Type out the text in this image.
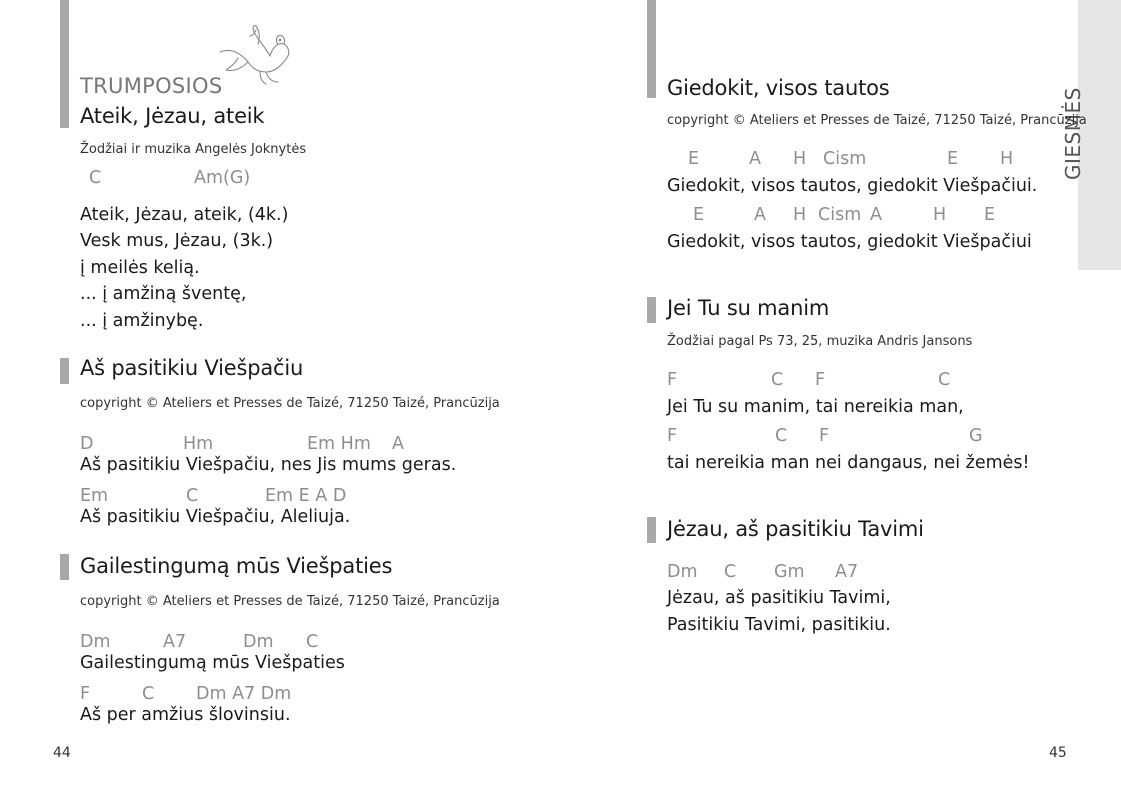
TRUMPOSIOS
Ateik, Jėzau, ateik
Žodžiai ir muzika Angelės Joknytės
C	Am(G)
Ateik, Jėzau, ateik, (4k.)
Vesk mus, Jėzau, (3k.)
į meilės kelią.
... į amžiną šventę,
... į amžinybę.
Aš pasitikiu Viešpačiu
copyright © Ateliers et Presses de Taizé, 71250 Taizé, Prancūzija
D	Hm	Em Hm A
Aš pasitikiu Viešpačiu, nes Jis mums geras.
Em	C	Em E A D
Aš pasitikiu Viešpačiu, Aleliuja.
Gailestingumą mūs Viešpaties
copyright © Ateliers et Presses de Taizé, 71250 Taizé, Prancūzija
Dm	A7	Dm C
Gailestingumą mūs Viešpaties
F	C Dm A7 Dm
Aš per amžius šlovinsiu.
44
GIESMĖS
Giedokit, visos tautos
copyright © Ateliers et Presses de Taizé, 71250 Taizé, Prancūzija
E	A H Cism	E H
Giedokit, visos tautos, giedokit Viešpačiui.
E	A H Cism A	H E
Giedokit, visos tautos, giedokit Viešpačiui
Jei Tu su manim
Žodžiai pagal Ps 73, 25, muzika Andris Jansons
F	C F	C
Jei Tu su manim, tai nereikia man,
F	C F	G
tai nereikia man nei dangaus, nei žemės!
Jėzau, aš pasitikiu Tavimi
Dm C Gm A7
Jėzau, aš pasitikiu Tavimi,
Pasitikiu Tavimi, pasitikiu.
45
